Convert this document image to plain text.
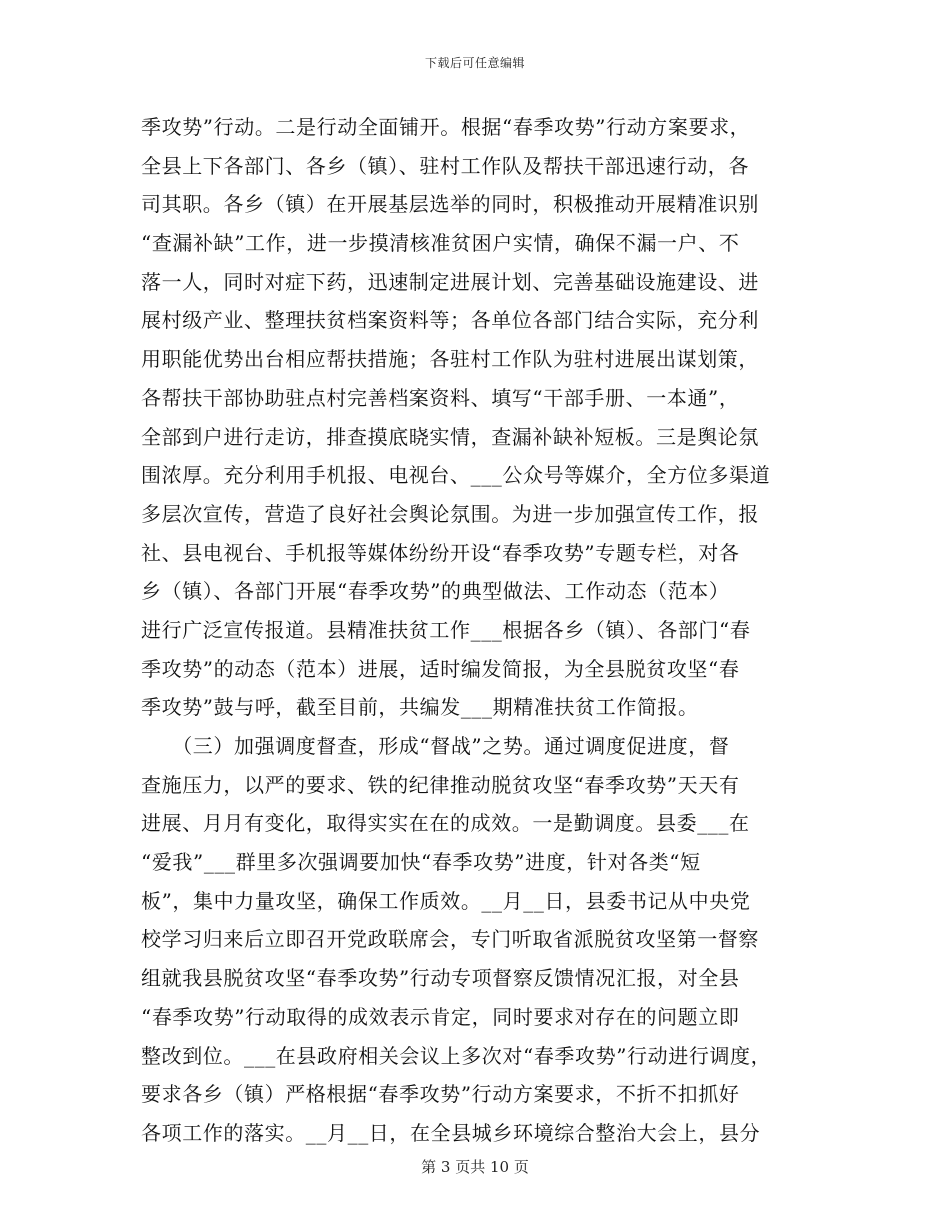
下载后可任意编辑
季攻势”行动。二是行动全面铺开。根据“春季攻势”行动方案要求，
全县上下各部门、各乡（镇）、驻村工作队及帮扶干部迅速行动，各
司其职。各乡（镇）在开展基层选举的同时，积极推动开展精准识别
“查漏补缺”工作，进一步摸清核准贫困户实情，确保不漏一户、不
落一人，同时对症下药，迅速制定进展计划、完善基础设施建设、进
展村级产业、整理扶贫档案资料等；各单位各部门结合实际，充分利
用职能优势出台相应帮扶措施；各驻村工作队为驻村进展出谋划策，
各帮扶干部协助驻点村完善档案资料、填写“干部手册、一本通”，
全部到户进行走访，排查摸底晓实情，查漏补缺补短板。三是舆论氛
围浓厚。充分利用手机报、电视台、___公众号等媒介，全方位多渠道
多层次宣传，营造了良好社会舆论氛围。为进一步加强宣传工作，报
社、县电视台、手机报等媒体纷纷开设“春季攻势”专题专栏，对各
乡（镇）、各部门开展“春季攻势”的典型做法、工作动态（范本）
进行广泛宣传报道。县精准扶贫工作___根据各乡（镇）、各部门“春
季攻势”的动态（范本）进展，适时编发简报，为全县脱贫攻坚“春
季攻势”鼓与呼，截至目前，共编发___期精准扶贫工作简报。
　　（三）加强调度督查，形成“督战”之势。通过调度促进度，督
查施压力，以严的要求、铁的纪律推动脱贫攻坚“春季攻势”天天有
进展、月月有变化，取得实实在在的成效。一是勤调度。县委___在
“爱我”___群里多次强调要加快“春季攻势”进度，针对各类“短
板”，集中力量攻坚，确保工作质效。__月__日，县委书记从中央党
校学习归来后立即召开党政联席会，专门听取省派脱贫攻坚第一督察
组就我县脱贫攻坚“春季攻势”行动专项督察反馈情况汇报，对全县
“春季攻势”行动取得的成效表示肯定，同时要求对存在的问题立即
整改到位。___在县政府相关会议上多次对“春季攻势”行动进行调度，
要求各乡（镇）严格根据“春季攻势”行动方案要求，不折不扣抓好
各项工作的落实。__月__日，在全县城乡环境综合整治大会上，县分
第 3 页共 10 页
